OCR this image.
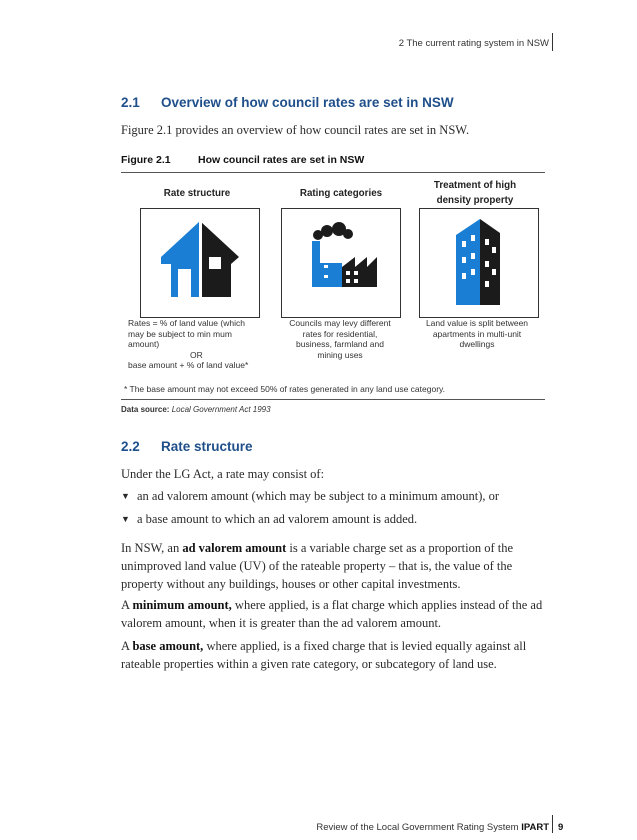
2 The current rating system in NSW
2.1 Overview of how council rates are set in NSW
Figure 2.1 provides an overview of how council rates are set in NSW.
Figure 2.1	How council rates are set in NSW
Rate structure	Rating categories
Treatment of high
density property
Rates = % of land value (which
may be subject to min mum
amount)
OR
base amount + % of land value*
Councils may levy different
rates for residential,
business, farmland and
mining uses
Land value is split between
apartments in multi-unit
dwellings
* The base amount may not exceed 50% of rates generated in any land use category.
Data source: Local Government Act 1993
2.2 Rate structure
Under the LG Act, a rate may consist of:
▼ an ad valorem amount (which may be subject to a minimum amount), or
▼ a base amount to which an ad valorem amount is added.
In NSW, an ad valorem amount is a variable charge set as a proportion of the unimproved land value (UV) of the rateable property – that is, the value of the property without any buildings, houses or other capital investments.
A minimum amount, where applied, is a flat charge which applies instead of the ad valorem amount, when it is greater than the ad valorem amount.
A base amount, where applied, is a fixed charge that is levied equally against all rateable properties within a given rate category, or subcategory of land use.
Review of the Local Government Rating System IPART 9
